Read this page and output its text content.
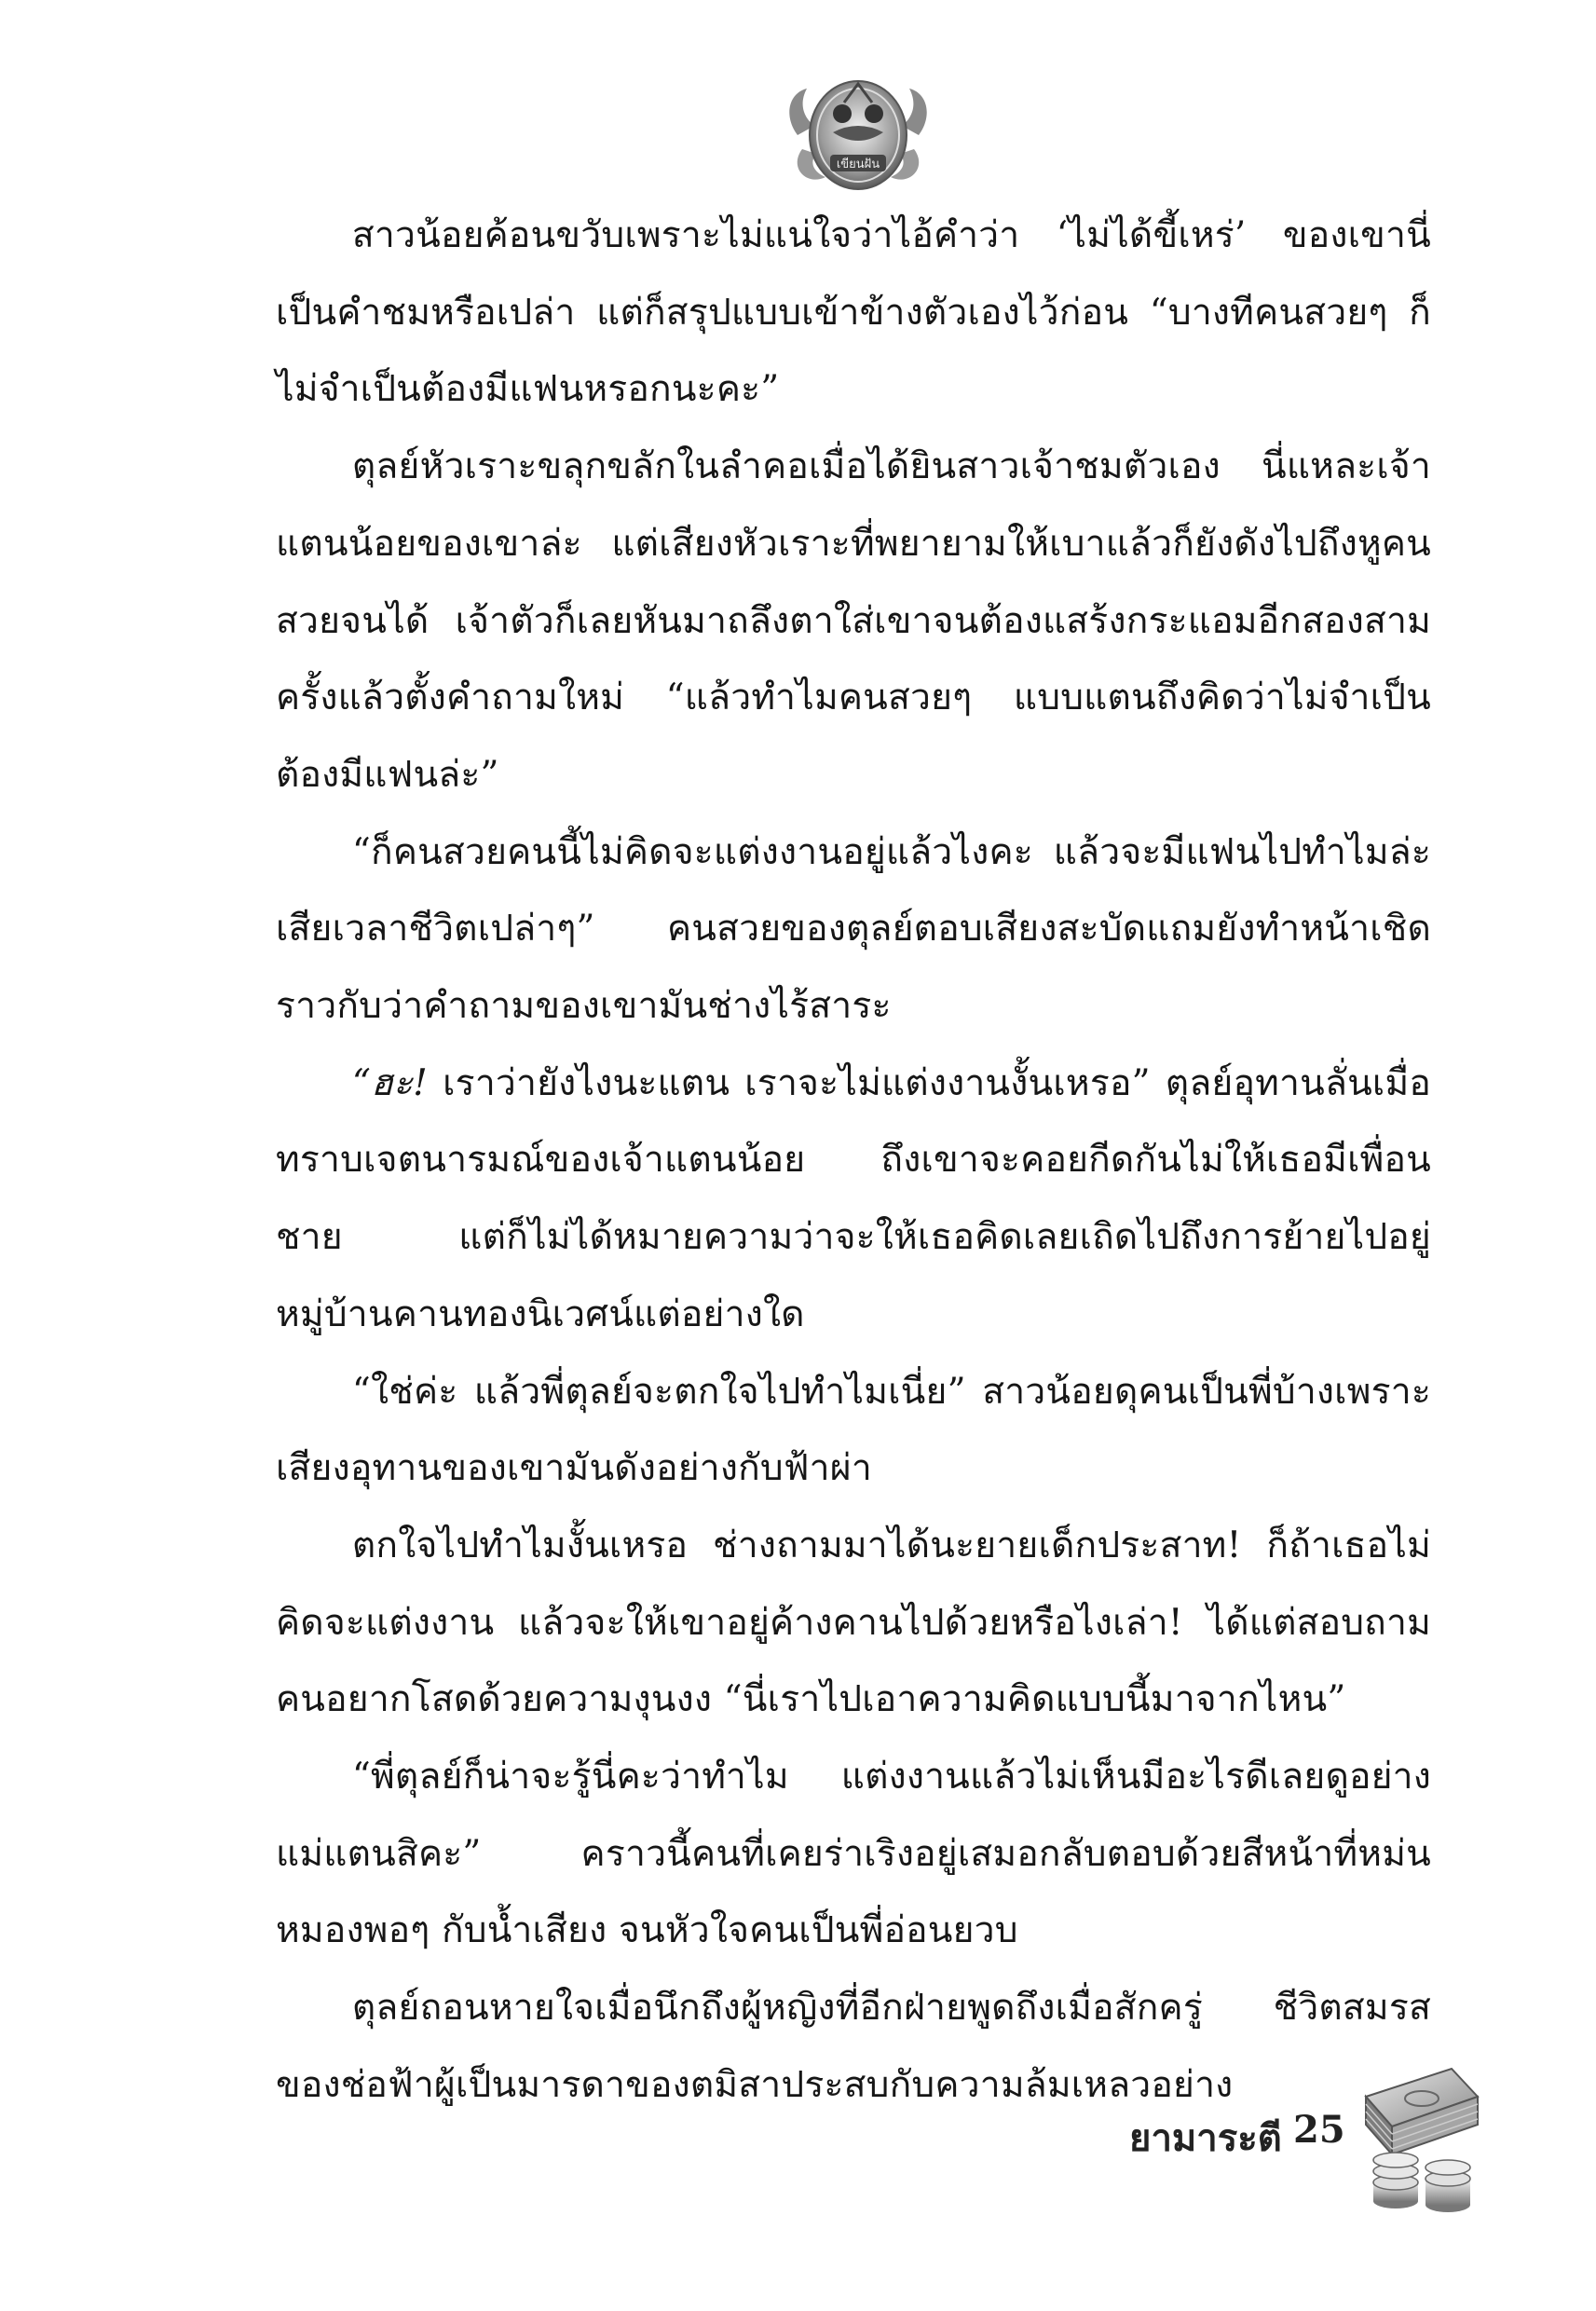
เขียนฝัน

สาวน้อยค้อนขวับเพราะไม่แน่ใจว่าไอ้คำว่า ‘ไม่ได้ขี้เหร่’ ของเขานี่เป็นคำชมหรือเปล่า แต่ก็สรุปแบบเข้าข้างตัวเองไว้ก่อน “บางทีคนสวยๆ ก็ไม่จำเป็นต้องมีแฟนหรอกนะคะ”

ตุลย์หัวเราะขลุกขลักในลำคอเมื่อได้ยินสาวเจ้าชมตัวเอง นี่แหละเจ้าแตนน้อยของเขาล่ะ แต่เสียงหัวเราะที่พยายามให้เบาแล้วก็ยังดังไปถึงหูคนสวยจนได้ เจ้าตัวก็เลยหันมาถลึงตาใส่เขาจนต้องแสร้งกระแอมอีกสองสามครั้งแล้วตั้งคำถามใหม่ “แล้วทำไมคนสวยๆ แบบแตนถึงคิดว่าไม่จำเป็นต้องมีแฟนล่ะ”

“ก็คนสวยคนนี้ไม่คิดจะแต่งงานอยู่แล้วไงคะ แล้วจะมีแฟนไปทำไมล่ะ เสียเวลาชีวิตเปล่าๆ” คนสวยของตุลย์ตอบเสียงสะบัดแถมยังทำหน้าเชิด ราวกับว่าคำถามของเขามันช่างไร้สาระ

“ฮะ! เราว่ายังไงนะแตน เราจะไม่แต่งงานงั้นเหรอ” ตุลย์อุทานลั่นเมื่อทราบเจตนารมณ์ของเจ้าแตนน้อย ถึงเขาจะคอยกีดกันไม่ให้เธอมีเพื่อนชาย แต่ก็ไม่ได้หมายความว่าจะให้เธอคิดเลยเถิดไปถึงการย้ายไปอยู่หมู่บ้านคานทองนิเวศน์แต่อย่างใด

“ใช่ค่ะ แล้วพี่ตุลย์จะตกใจไปทำไมเนี่ย” สาวน้อยดุคนเป็นพี่บ้างเพราะเสียงอุทานของเขามันดังอย่างกับฟ้าผ่า

ตกใจไปทำไมงั้นเหรอ ช่างถามมาได้นะยายเด็กประสาท! ก็ถ้าเธอไม่คิดจะแต่งงาน แล้วจะให้เขาอยู่ค้างคานไปด้วยหรือไงเล่า! ได้แต่สอบถามคนอยากโสดด้วยความงุนงง “นี่เราไปเอาความคิดแบบนี้มาจากไหน”

“พี่ตุลย์ก็น่าจะรู้นี่คะว่าทำไม แต่งงานแล้วไม่เห็นมีอะไรดีเลยดูอย่างแม่แตนสิคะ” คราวนี้คนที่เคยร่าเริงอยู่เสมอกลับตอบด้วยสีหน้าที่หม่นหมองพอๆ กับน้ำเสียง จนหัวใจคนเป็นพี่อ่อนยวบ

ตุลย์ถอนหายใจเมื่อนึกถึงผู้หญิงที่อีกฝ่ายพูดถึงเมื่อสักครู่ ชีวิตสมรสของช่อฟ้าผู้เป็นมารดาของตมิสาประสบกับความล้มเหลวอย่าง

ยามาระตี 25
